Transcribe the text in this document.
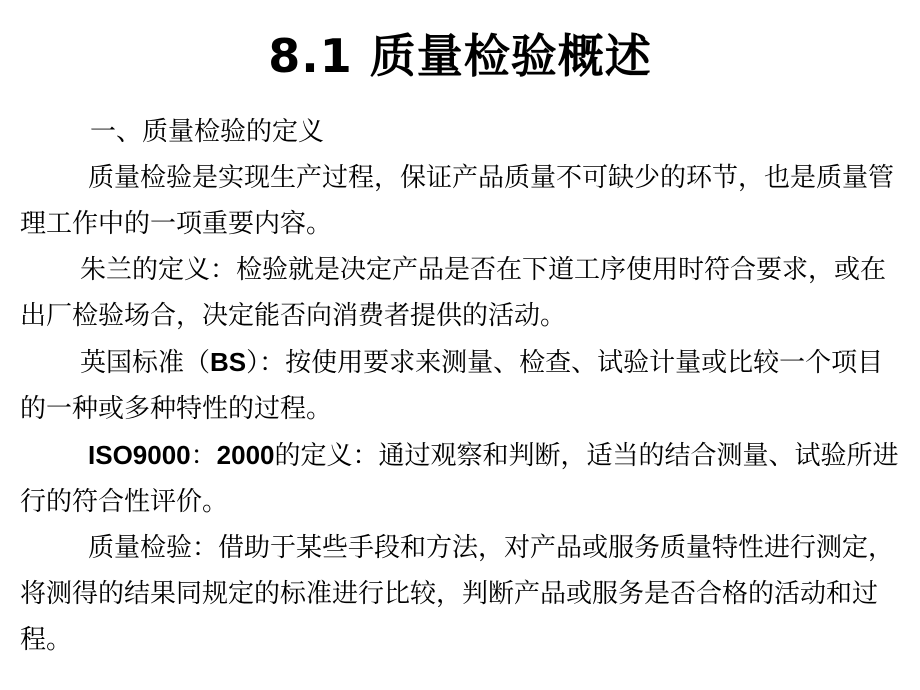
8.1 质量检验概述

一、质量检验的定义

质量检验是实现生产过程，保证产品质量不可缺少的环节，也是质量管理工作中的一项重要内容。

朱兰的定义：检验就是决定产品是否在下道工序使用时符合要求，或在出厂检验场合，决定能否向消费者提供的活动。

英国标准（BS）：按使用要求来测量、检查、试验计量或比较一个项目的一种或多种特性的过程。

ISO9000：2000的定义：通过观察和判断，适当的结合测量、试验所进行的符合性评价。

质量检验：借助于某些手段和方法，对产品或服务质量特性进行测定，将测得的结果同规定的标准进行比较，判断产品或服务是否合格的活动和过程。
